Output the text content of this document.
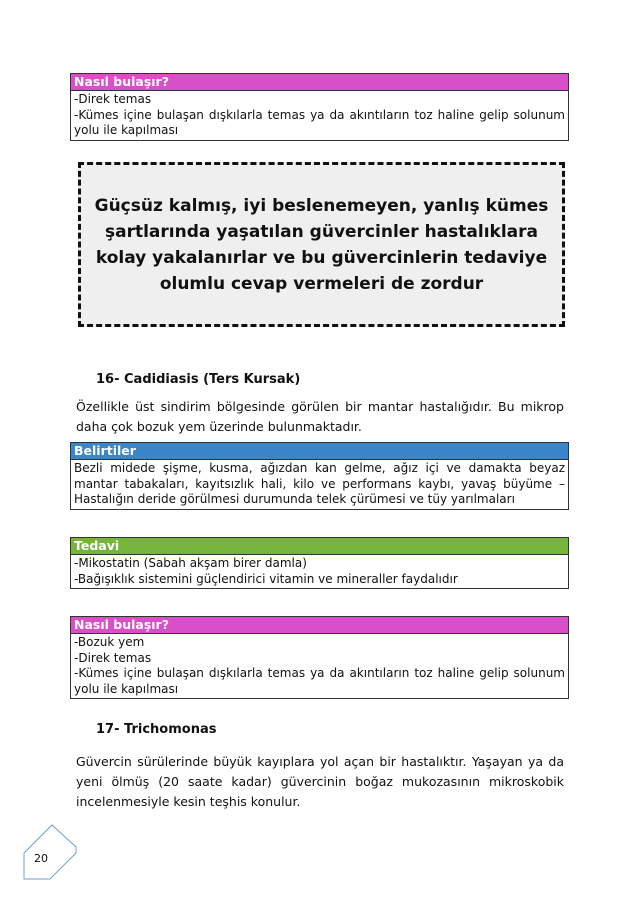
Nasıl bulaşır?
-Direk temas
-Kümes içine bulaşan dışkılarla temas ya da akıntıların toz haline gelip solunum yolu ile kapılması
Güçsüz kalmış, iyi beslenemeyen, yanlış kümes şartlarında yaşatılan güvercinler hastalıklara kolay yakalanırlar ve bu güvercinlerin tedaviye olumlu cevap vermeleri de zordur
16- Cadidiasis (Ters Kursak)
Özellikle üst sindirim bölgesinde görülen bir mantar hastalığıdır. Bu mikrop daha çok bozuk yem üzerinde bulunmaktadır.
Belirtiler
Bezli midede şişme, kusma, ağızdan kan gelme, ağız içi ve damakta beyaz mantar tabakaları, kayıtsızlık hali, kilo ve performans kaybı, yavaş büyüme – Hastalığın deride görülmesi durumunda telek çürümesi ve tüy yarılmaları
Tedavi
-Mikostatin (Sabah akşam birer damla)
-Bağışıklık sistemini güçlendirici vitamin ve mineraller faydalıdır
Nasıl bulaşır?
-Bozuk yem
-Direk temas
-Kümes içine bulaşan dışkılarla temas ya da akıntıların toz haline gelip solunum yolu ile kapılması
17- Trichomonas
Güvercin sürülerinde büyük kayıplara yol açan bir hastalıktır. Yaşayan ya da yeni ölmüş (20 saate kadar) güvercinin boğaz mukozasının mikroskobik incelenmesiyle kesin teşhis konulur.
20
